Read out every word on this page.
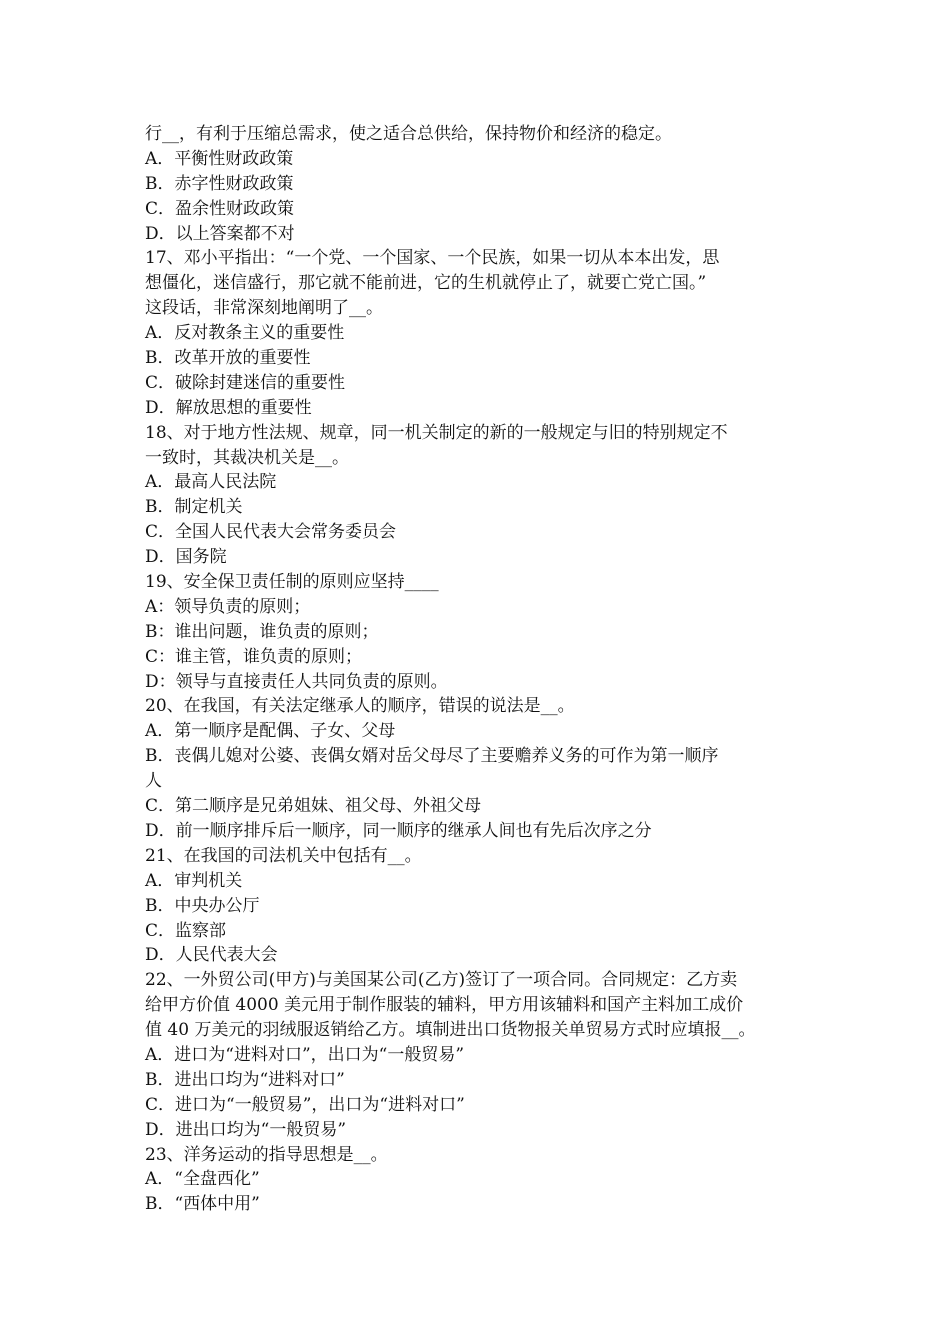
行__，有利于压缩总需求，使之适合总供给，保持物价和经济的稳定。
A．平衡性财政政策
B．赤字性财政政策
C．盈余性财政政策
D．以上答案都不对
17、邓小平指出：“一个党、一个国家、一个民族，如果一切从本本出发，思
想僵化，迷信盛行，那它就不能前进，它的生机就停止了，就要亡党亡国。”
这段话，非常深刻地阐明了__。
A．反对教条主义的重要性
B．改革开放的重要性
C．破除封建迷信的重要性
D．解放思想的重要性
18、对于地方性法规、规章，同一机关制定的新的一般规定与旧的特别规定不
一致时，其裁决机关是__。
A．最高人民法院
B．制定机关
C．全国人民代表大会常务委员会
D．国务院
19、安全保卫责任制的原则应坚持____
A：领导负责的原则；
B：谁出问题，谁负责的原则；
C：谁主管，谁负责的原则；
D：领导与直接责任人共同负责的原则。
20、在我国，有关法定继承人的顺序，错误的说法是__。
A．第一顺序是配偶、子女、父母
B．丧偶儿媳对公婆、丧偶女婿对岳父母尽了主要赡养义务的可作为第一顺序
人
C．第二顺序是兄弟姐妹、祖父母、外祖父母
D．前一顺序排斥后一顺序，同一顺序的继承人间也有先后次序之分
21、在我国的司法机关中包括有__。
A．审判机关
B．中央办公厅
C．监察部
D．人民代表大会
22、一外贸公司(甲方)与美国某公司(乙方)签订了一项合同。合同规定：乙方卖
给甲方价值 4000 美元用于制作服装的辅料，甲方用该辅料和国产主料加工成价
值 40 万美元的羽绒服返销给乙方。填制进出口货物报关单贸易方式时应填报__。
A．进口为“进料对口”，出口为“一般贸易”
B．进出口均为“进料对口”
C．进口为“一般贸易”，出口为“进料对口”
D．进出口均为“一般贸易”
23、洋务运动的指导思想是__。
A．“全盘西化”
B．“西体中用”
